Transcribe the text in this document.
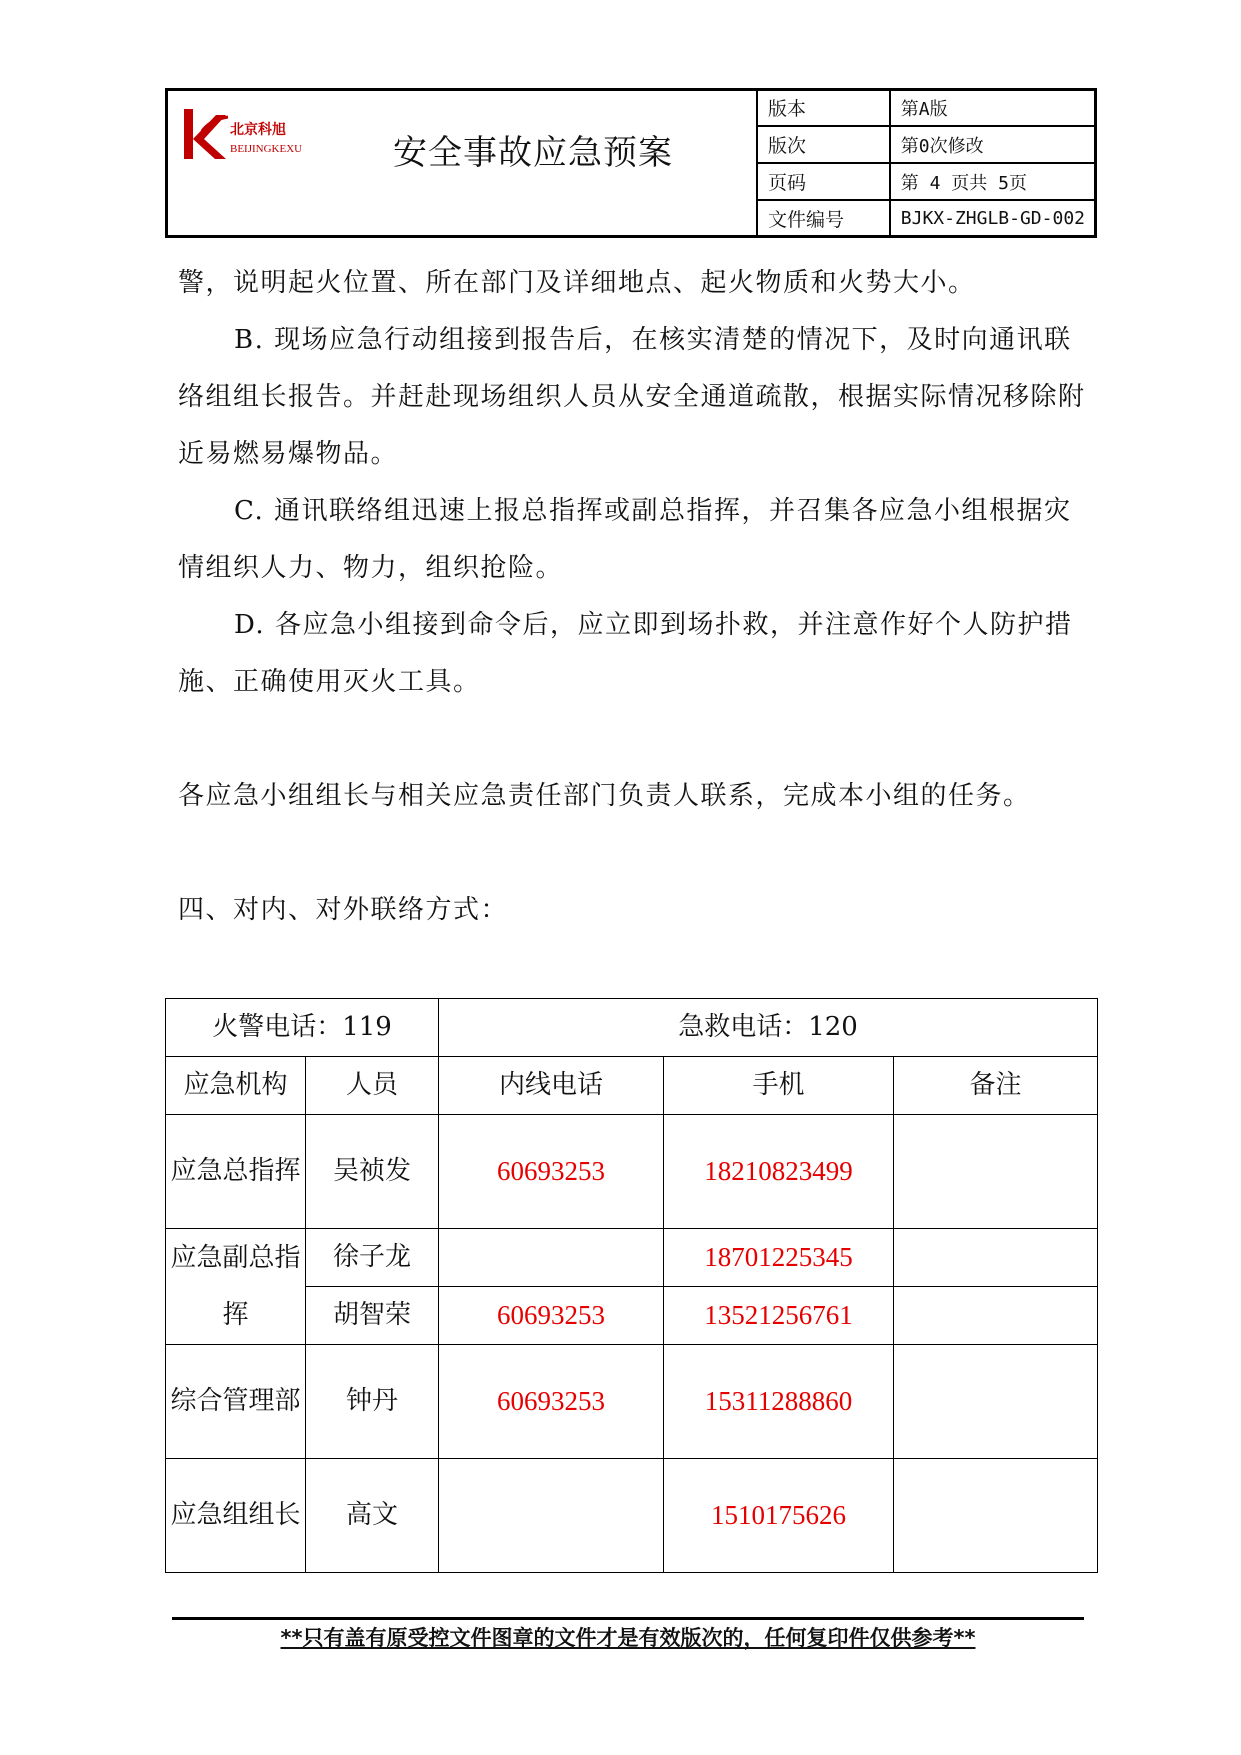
北京科旭
BEIJINGKEXU	安全事故应急预案
版本	第A版
版次	第0次修改
页码	第 4 页共 5页
文件编号	BJKX-ZHGLB-GD-002

警，说明起火位置、所在部门及详细地点、起火物质和火势大小。

B. 现场应急行动组接到报告后，在核实清楚的情况下，及时向通讯联络组组长报告。并赶赴现场组织人员从安全通道疏散，根据实际情况移除附近易燃易爆物品。

C. 通讯联络组迅速上报总指挥或副总指挥，并召集各应急小组根据灾情组织人力、物力，组织抢险。

D. 各应急小组接到命令后，应立即到场扑救，并注意作好个人防护措施、正确使用灭火工具。

各应急小组组长与相关应急责任部门负责人联系，完成本小组的任务。

四、对内、对外联络方式：

火警电话：119		急救电话：120		
应急机构	人员	内线电话	手机	备注
应急总指挥	吴祯发	60693253	18210823499	
应急副总指挥	徐子龙		18701225345	
	胡智荣	60693253	13521256761	
综合管理部	钟丹	60693253	15311288860	
应急组组长	高文		1510175626	
**只有盖有原受控文件图章的文件才是有效版次的，任何复印件仅供参考**
